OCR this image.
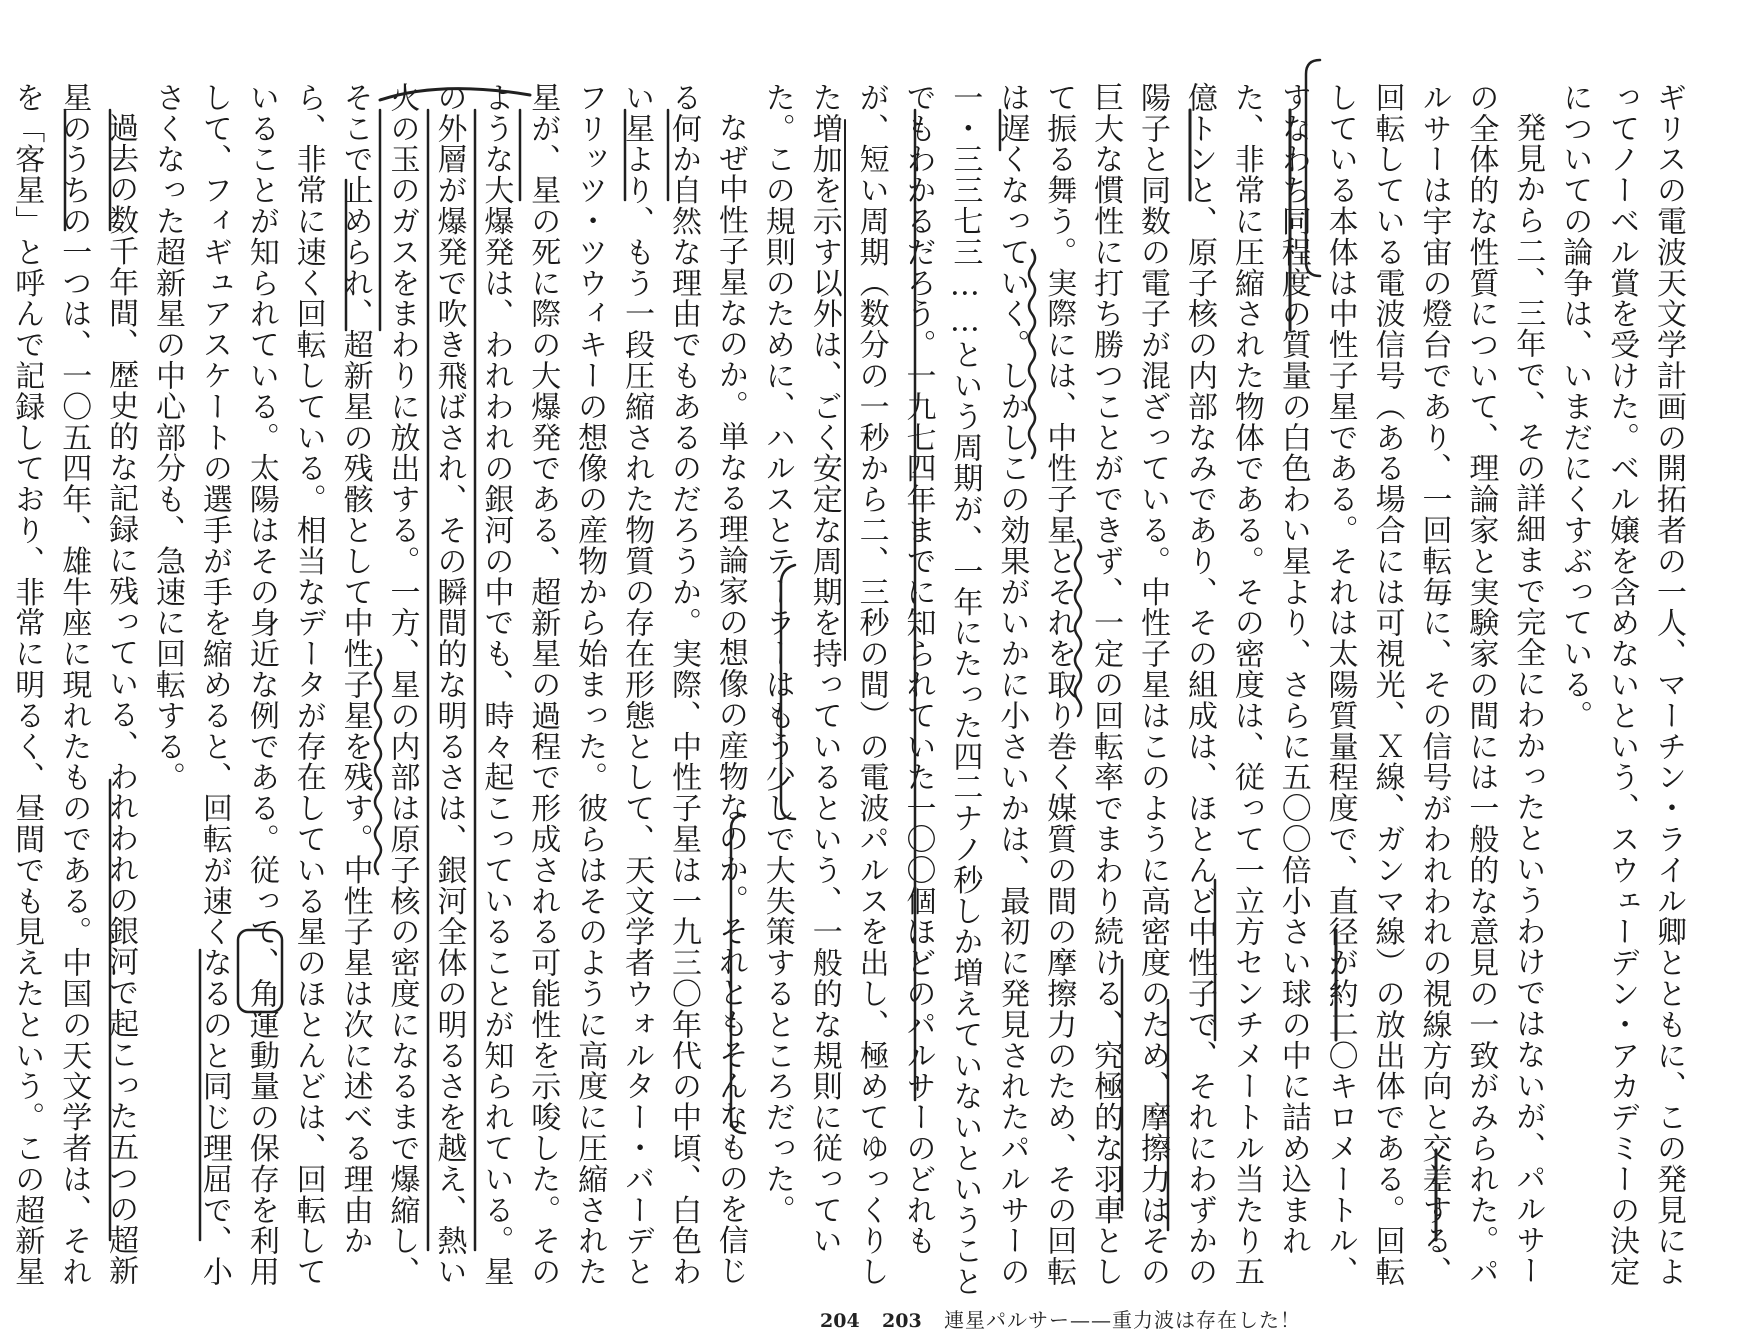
ギリスの電波天文学計画の開拓者の一人、マーチン・ライル卿とともに、この発見によってノーベル賞を受けた。ベル嬢を含めないという、スウェーデン・アカデミーの決定についての論争は、いまだにくすぶっている。

発見から二、三年で、その詳細まで完全にわかったというわけではないが、パルサーの全体的な性質について、理論家と実験家の間には一般的な意見の一致がみられた。パルサーは宇宙の燈台であり、一回転毎に、その信号がわれわれの視線方向と交差する、回転している電波信号（ある場合には可視光、Ｘ線、ガンマ線）の放出体である。回転している本体は中性子星である。それは太陽質量程度で、直径が約二〇キロメートル、すなわち同程度の質量の白色わい星より、さらに五〇〇倍小さい球の中に詰め込まれた、非常に圧縮された物体である。その密度は、従って一立方センチメートル当たり五億トンと、原子核の内部なみであり、その組成は、ほとんど中性子で、それにわずかの陽子と同数の電子が混ざっている。中性子星はこのように高密度のため、摩擦力はその巨大な慣性に打ち勝つことができず、一定の回転率でまわり続ける、究極的な羽車として振る舞う。実際には、中性子星とそれを取り巻く媒質の間の摩擦力のため、その回転は遅くなっていく。しかしこの効果がいかに小さいかは、最初に発見されたパルサーの一・三三七三……という周期が、一年にたった四二ナノ秒しか増えていないということでもわかるだろう。一九七四年までに知られていた一〇〇個ほどのパルサーのどれもが、短い周期（数分の一秒から二、三秒の間）の電波パルスを出し、極めてゆっくりした増加を示す以外は、ごく安定な周期を持っているという、一般的な規則に従っていた。この規則のために、ハルスとテーラーはもう少しで大失策するところだった。

なぜ中性子星なのか。単なる理論家の想像の産物なのか。それともそんなものを信じる何か自然な理由でもあるのだろうか。実際、中性子星は一九三〇年代の中頃、白色わい星より、もう一段圧縮された物質の存在形態として、天文学者ウォルター・バーデとフリッツ・ツウィキーの想像の産物から始まった。彼らはそのように高度に圧縮された星が、星の死に際の大爆発である、超新星の過程で形成される可能性を示唆した。そのような大爆発は、われわれの銀河の中でも、時々起こっていることが知られている。星の外層が爆発で吹き飛ばされ、その瞬間的な明るさは、銀河全体の明るさを越え、熱い火の玉のガスをまわりに放出する。一方、星の内部は原子核の密度になるまで爆縮し、そこで止められ、超新星の残骸として中性子星を残す。中性子星は次に述べる理由から、非常に速く回転している。相当なデータが存在している星のほとんどは、回転していることが知られている。太陽はその身近な例である。従って、角運動量の保存を利用して、フィギュアスケートの選手が手を縮めると、回転が速くなるのと同じ理屈で、小さくなった超新星の中心部分も、急速に回転する。

過去の数千年間、歴史的な記録に残っている、われわれの銀河で起こった五つの超新星のうちの一つは、一〇五四年、雄牛座に現れたものである。中国の天文学者は、それを「客星」と呼んで記録しており、非常に明るく、昼間でも見えたという。この超新星

204 203 連星パルサー——重力波は存在した！
